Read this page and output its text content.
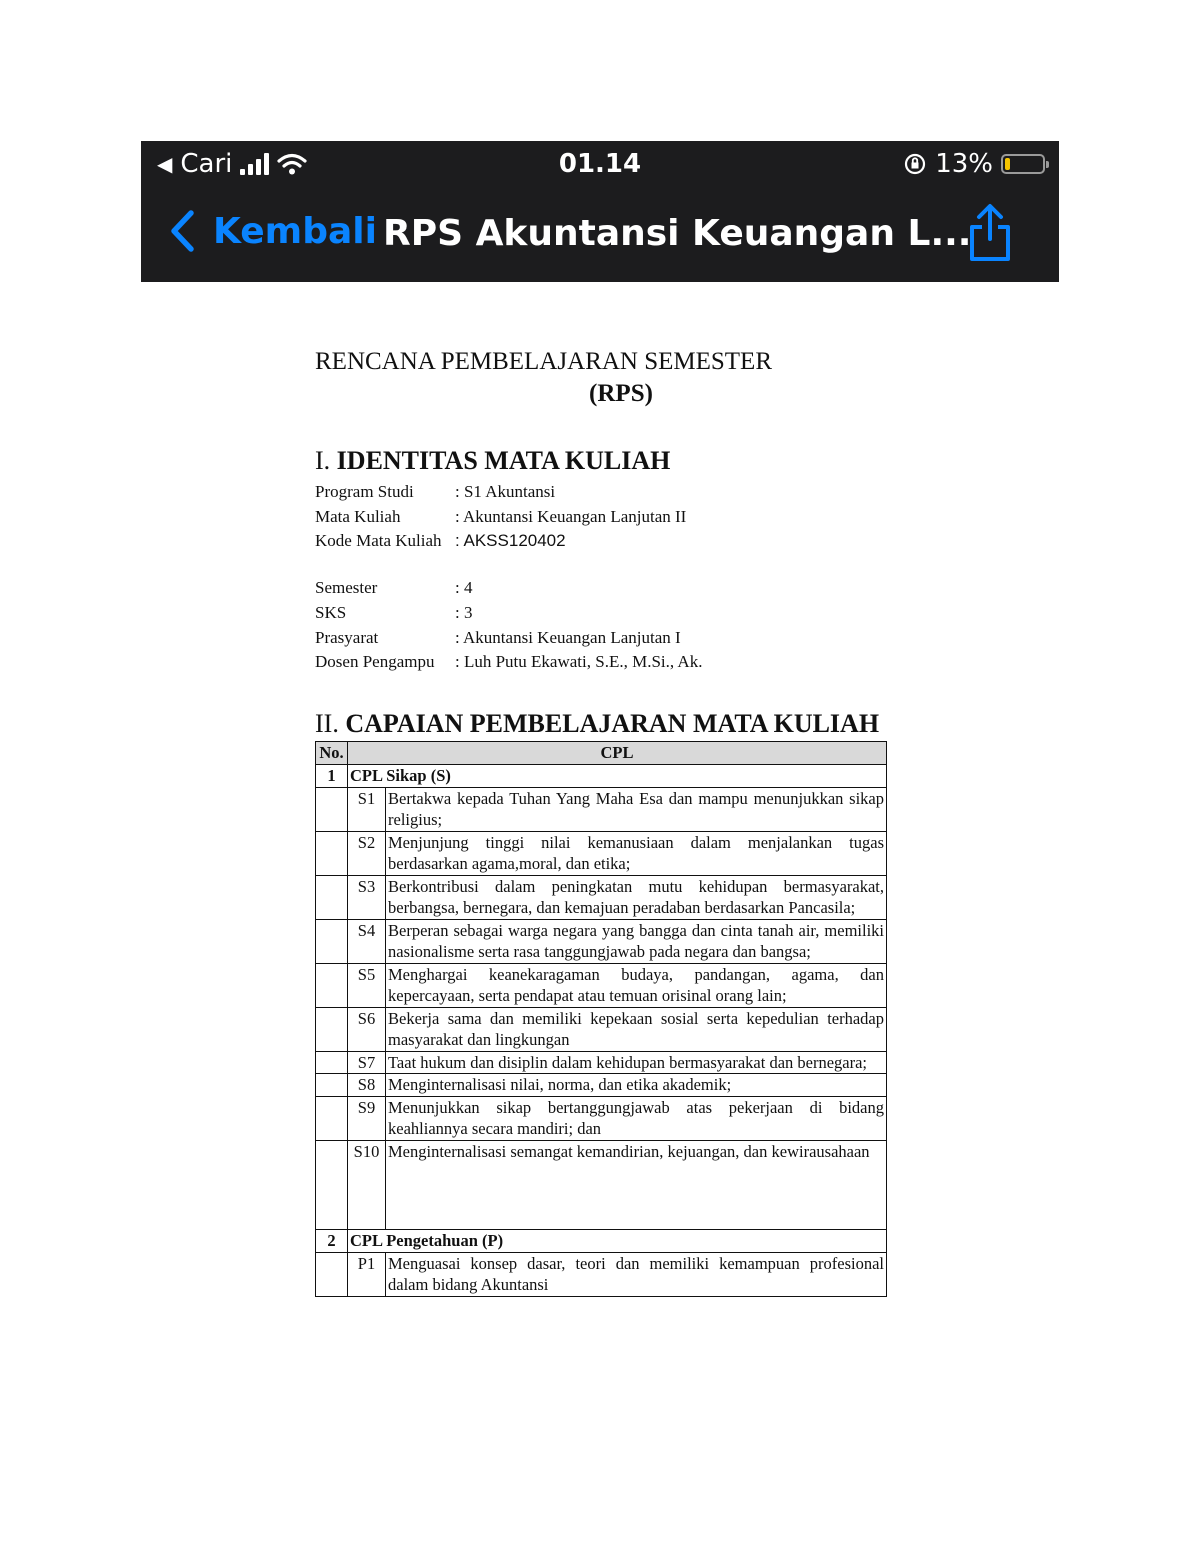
◀ Cari	01.14	13%
Kembali RPS Akuntansi Keuangan L...

RENCANA PEMBELAJARAN SEMESTER

(RPS)

I. IDENTITAS MATA KULIAH

Program Studi	: S1 Akuntansi
Mata Kuliah	: Akuntansi Keuangan Lanjutan II
Kode Mata Kuliah : AKSS120402
Semester	: 4
SKS	: 3
Prasyarat	: Akuntansi Keuangan Lanjutan I
Dosen Pengampu	: Luh Putu Ekawati, S.E., M.Si., Ak.

II. CAPAIAN PEMBELAJARAN MATA KULIAH

No.	CPL	
1	CPL Sikap (S)	
	S1	Bertakwa kepada Tuhan Yang Maha Esa dan mampu menunjukkan sikap religius;
	S2	Menjunjung tinggi nilai kemanusiaan dalam menjalankan tugas berdasarkan agama,moral, dan etika;
	S3	Berkontribusi dalam peningkatan mutu kehidupan bermasyarakat, berbangsa, bernegara, dan kemajuan peradaban berdasarkan Pancasila;
	S4	Berperan sebagai warga negara yang bangga dan cinta tanah air, memiliki nasionalisme serta rasa tanggungjawab pada negara dan bangsa;
	S5	Menghargai keanekaragaman budaya, pandangan, agama, dan kepercayaan, serta pendapat atau temuan orisinal orang lain;
	S6	Bekerja sama dan memiliki kepekaan sosial serta kepedulian terhadap masyarakat dan lingkungan
	S7	Taat hukum dan disiplin dalam kehidupan bermasyarakat dan bernegara;
	S8	Menginternalisasi nilai, norma, dan etika akademik;
	S9	Menunjukkan sikap bertanggungjawab atas pekerjaan di bidang keahliannya secara mandiri; dan
	S10	Menginternalisasi semangat kemandirian, kejuangan, dan kewirausahaan
2	CPL Pengetahuan (P)	
	P1	Menguasai konsep dasar, teori dan memiliki kemampuan profesional dalam bidang Akuntansi
